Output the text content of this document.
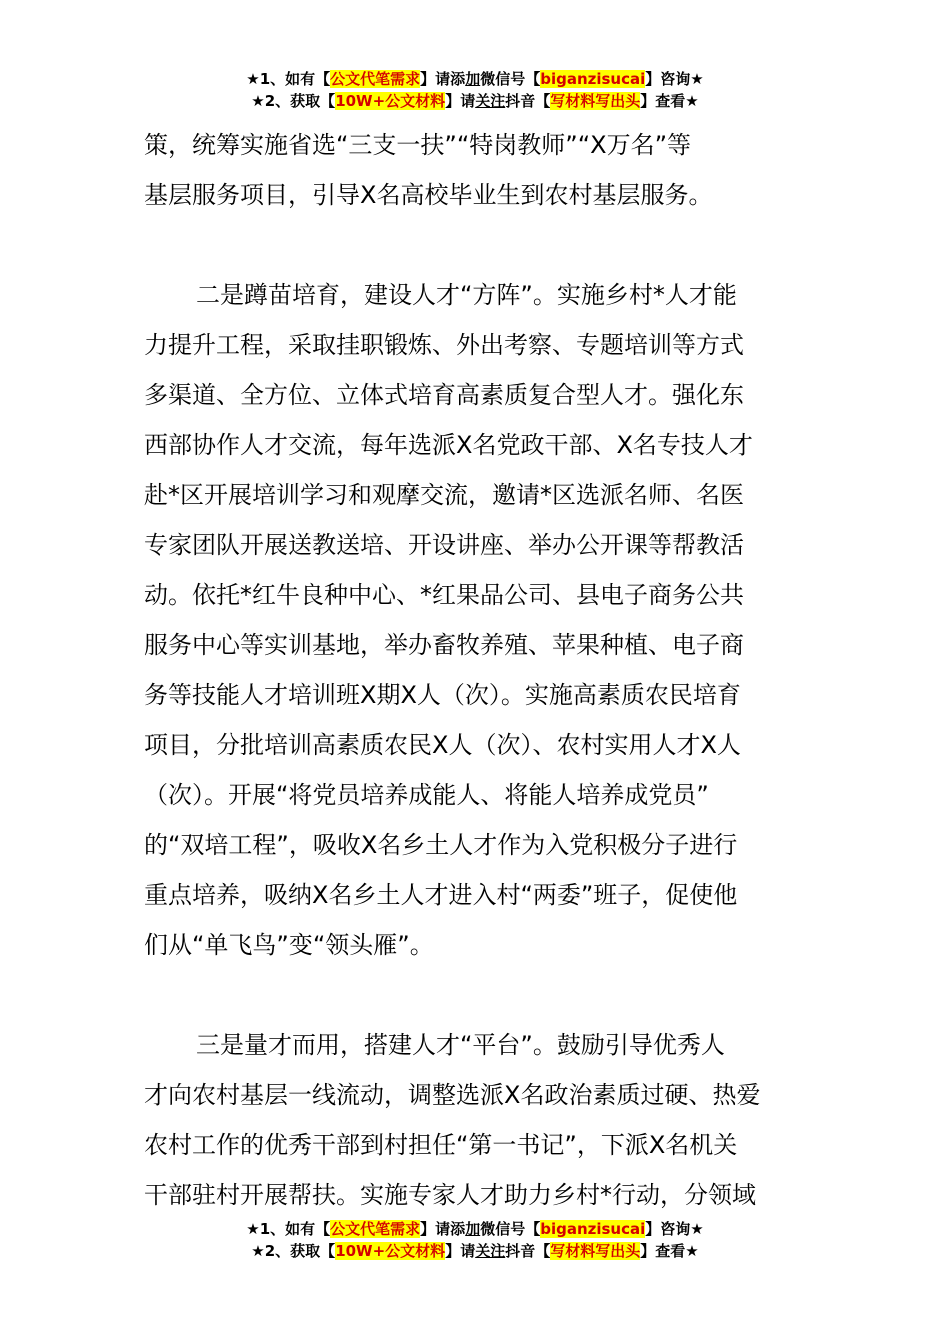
★1、如有【公文代笔需求】请添加微信号【biganzisucai】咨询★
★2、获取【10W+公文材料】请关注抖音【写材料写出头】查看★
策，统筹实施省选“三支一扶”“特岗教师”“X万名”等
基层服务项目，引导X名高校毕业生到农村基层服务。
二是蹲苗培育，建设人才“方阵”。实施乡村*人才能
力提升工程，采取挂职锻炼、外出考察、专题培训等方式
多渠道、全方位、立体式培育高素质复合型人才。强化东
西部协作人才交流，每年选派X名党政干部、X名专技人才
赴*区开展培训学习和观摩交流，邀请*区选派名师、名医
专家团队开展送教送培、开设讲座、举办公开课等帮教活
动。依托*红牛良种中心、*红果品公司、县电子商务公共
服务中心等实训基地，举办畜牧养殖、苹果种植、电子商
务等技能人才培训班X期X人（次）。实施高素质农民培育
项目，分批培训高素质农民X人（次）、农村实用人才X人
（次）。开展“将党员培养成能人、将能人培养成党员”
的“双培工程”，吸收X名乡土人才作为入党积极分子进行
重点培养，吸纳X名乡土人才进入村“两委”班子，促使他
们从“单飞鸟”变“领头雁”。
三是量才而用，搭建人才“平台”。鼓励引导优秀人
才向农村基层一线流动，调整选派X名政治素质过硬、热爱
农村工作的优秀干部到村担任“第一书记”，下派X名机关
干部驻村开展帮扶。实施专家人才助力乡村*行动，分领域
★1、如有【公文代笔需求】请添加微信号【biganzisucai】咨询★
★2、获取【10W+公文材料】请关注抖音【写材料写出头】查看★
